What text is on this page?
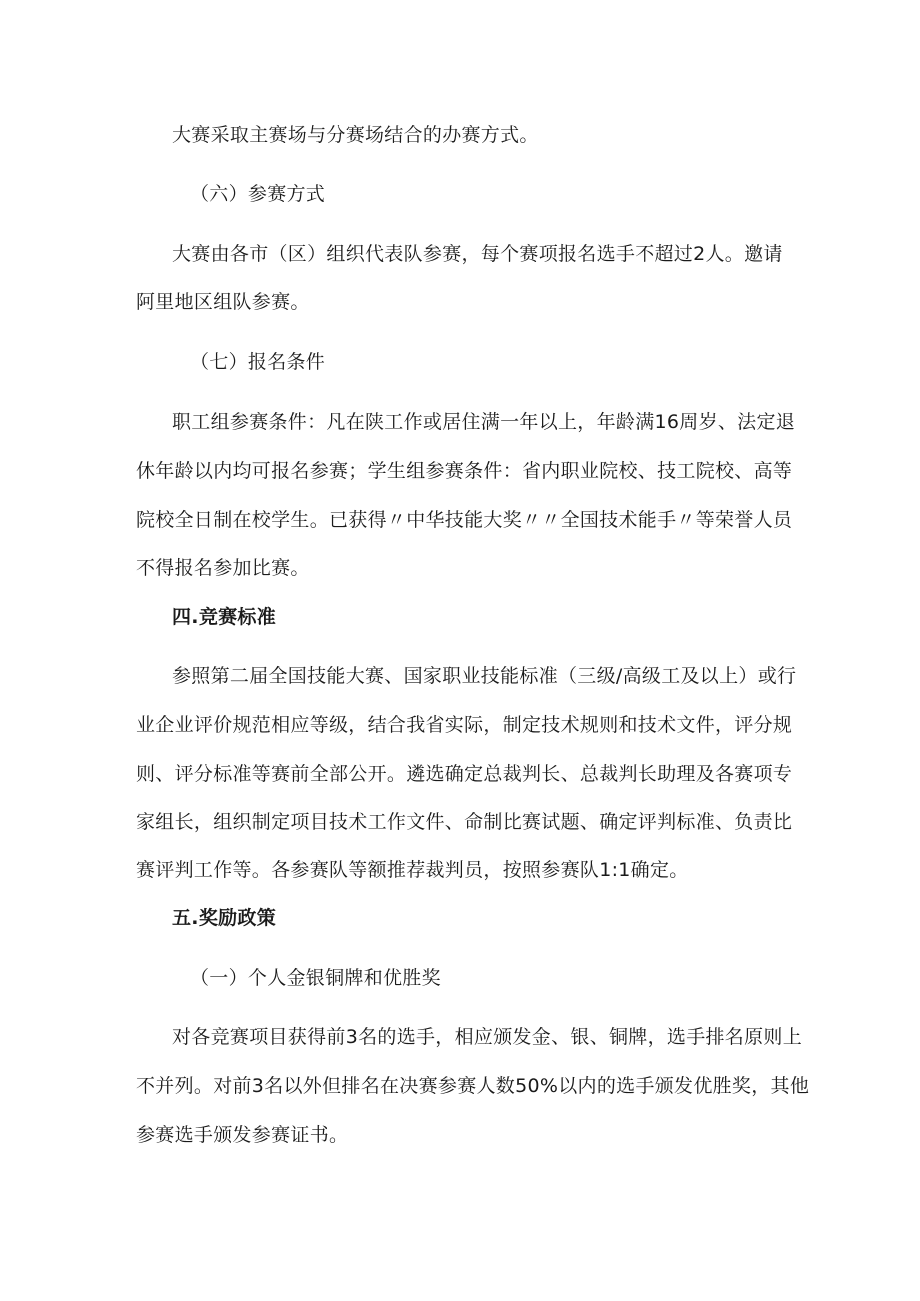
大赛采取主赛场与分赛场结合的办赛方式。
（六）参赛方式
大赛由各市（区）组织代表队参赛，每个赛项报名选手不超过2人。邀请
阿里地区组队参赛。
（七）报名条件
职工组参赛条件：凡在陕工作或居住满一年以上，年龄满16周岁、法定退
休年龄以内均可报名参赛；学生组参赛条件：省内职业院校、技工院校、高等
院校全日制在校学生。已获得〃中华技能大奖〃〃全国技术能手〃等荣誉人员
不得报名参加比赛。
四.竞赛标准
参照第二届全国技能大赛、国家职业技能标准（三级/高级工及以上）或行
业企业评价规范相应等级，结合我省实际，制定技术规则和技术文件，评分规
则、评分标准等赛前全部公开。遴选确定总裁判长、总裁判长助理及各赛项专
家组长，组织制定项目技术工作文件、命制比赛试题、确定评判标准、负责比
赛评判工作等。各参赛队等额推荐裁判员，按照参赛队1:1确定。
五.奖励政策
（一）个人金银铜牌和优胜奖
对各竞赛项目获得前3名的选手，相应颁发金、银、铜牌，选手排名原则上
不并列。对前3名以外但排名在决赛参赛人数50%以内的选手颁发优胜奖，其他
参赛选手颁发参赛证书。
